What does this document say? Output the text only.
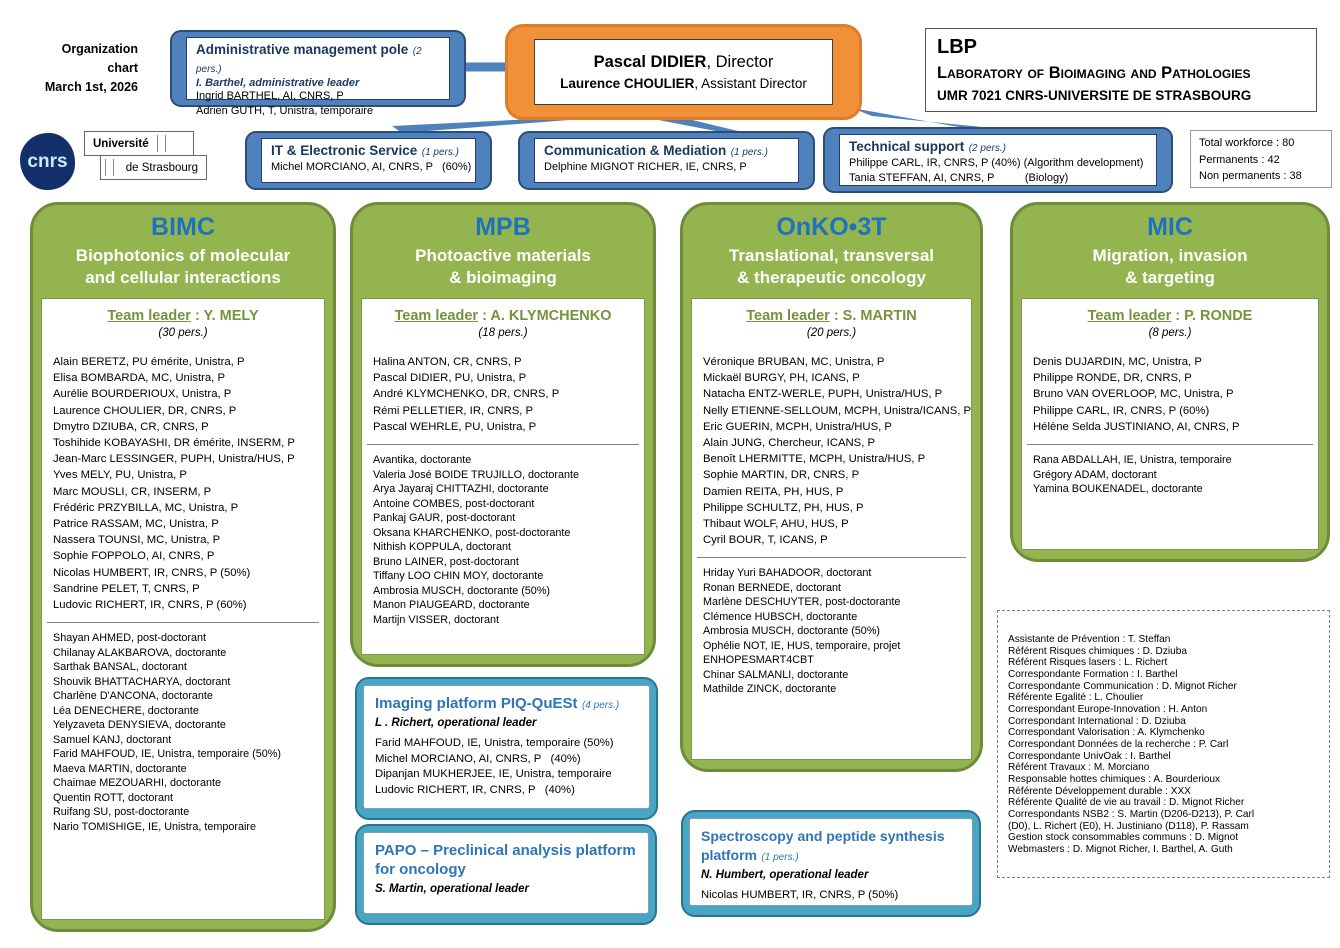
Organization
chart
March 1st, 2026
Administrative management pole (2 pers.)
I. Barthel, administrative leader
Ingrid BARTHEL, AI, CNRS, P
Adrien GUTH, T, Unistra, temporaire
Pascal DIDIER, Director
Laurence CHOULIER, Assistant Director
LBP
Laboratory of Bioimaging and Pathologies
UMR 7021 CNRS-UNIVERSITE DE STRASBOURG
cnrs
Université
de Strasbourg
IT & Electronic Service (1 pers.)
Michel MORCIANO, AI, CNRS, P   (60%)
Communication & Mediation (1 pers.)
Delphine MIGNOT RICHER, IE, CNRS, P
Technical support (2 pers.)
Philippe CARL, IR, CNRS, P (40%) (Algorithm development)
Tania STEFFAN, AI, CNRS, P          (Biology)
Total workforce : 80
Permanents : 42
Non permanents : 38
BIMC
Biophotonics of molecular
and cellular interactions
Team leader : Y. MELY
(30 pers.)
Alain BERETZ, PU émérite, Unistra, P
Elisa BOMBARDA, MC, Unistra, P
Aurélie BOURDERIOUX, Unistra, P
Laurence CHOULIER, DR, CNRS, P
Dmytro DZIUBA, CR, CNRS, P
Toshihide KOBAYASHI, DR émérite, INSERM, P
Jean-Marc LESSINGER, PUPH, Unistra/HUS, P
Yves MELY, PU, Unistra, P
Marc MOUSLI, CR, INSERM, P
Frédéric PRZYBILLA, MC, Unistra, P
Patrice RASSAM, MC, Unistra, P
Nassera TOUNSI, MC, Unistra, P
Sophie FOPPOLO, AI, CNRS, P
Nicolas HUMBERT, IR, CNRS, P (50%)
Sandrine PELET, T, CNRS, P
Ludovic RICHERT, IR, CNRS, P (60%)
Shayan AHMED, post-doctorant
Chilanay ALAKBAROVA, doctorante
Sarthak BANSAL, doctorant
Shouvik BHATTACHARYA, doctorant
Charlène D'ANCONA, doctorante
Léa DENECHERE, doctorante
Yelyzaveta DENYSIEVA, doctorante
Samuel KANJ, doctorant
Farid MAHFOUD, IE, Unistra, temporaire (50%)
Maeva MARTIN, doctorante
Chaimae MEZOUARHI, doctorante
Quentin ROTT, doctorant
Ruifang SU, post-doctorante
Nario TOMISHIGE, IE, Unistra, temporaire
MPB
Photoactive materials
& bioimaging
Team leader : A. KLYMCHENKO
(18 pers.)
Halina ANTON, CR, CNRS, P
Pascal DIDIER, PU, Unistra, P
André KLYMCHENKO, DR, CNRS, P
Rémi PELLETIER, IR, CNRS, P
Pascal WEHRLE, PU, Unistra, P
Avantika, doctorante
Valeria José BOIDE TRUJILLO, doctorante
Arya Jayaraj CHITTAZHI, doctorante
Antoine COMBES, post-doctorant
Pankaj GAUR, post-doctorant
Oksana KHARCHENKO, post-doctorante
Nithish KOPPULA, doctorant
Bruno LAINER, post-doctorant
Tiffany LOO CHIN MOY, doctorante
Ambrosia MUSCH, doctorante (50%)
Manon PIAUGEARD, doctorante
Martijn VISSER, doctorant
OnKO•3T
Translational, transversal
& therapeutic oncology
Team leader : S. MARTIN
(20 pers.)
Véronique BRUBAN, MC, Unistra, P
Mickaël BURGY, PH, ICANS, P
Natacha ENTZ-WERLE, PUPH, Unistra/HUS, P
Nelly ETIENNE-SELLOUM, MCPH, Unistra/ICANS, P
Eric GUERIN, MCPH, Unistra/HUS, P
Alain JUNG, Chercheur, ICANS, P
Benoît LHERMITTE, MCPH, Unistra/HUS, P
Sophie MARTIN, DR, CNRS, P
Damien REITA, PH, HUS, P
Philippe SCHULTZ, PH, HUS, P
Thibaut WOLF, AHU, HUS, P
Cyril BOUR, T, ICANS, P
Hriday Yuri BAHADOOR, doctorant
Ronan BERNEDE, doctorant
Marlène DESCHUYTER, post-doctorante
Clémence HUBSCH, doctorante
Ambrosia MUSCH, doctorante (50%)
Ophélie NOT, IE, HUS, temporaire, projet
ENHOPESMART4CBT
Chinar SALMANLI, doctorante
Mathilde ZINCK, doctorante
MIC
Migration, invasion
& targeting
Team leader : P. RONDE
(8 pers.)
Denis DUJARDIN, MC, Unistra, P
Philippe RONDE, DR, CNRS, P
Bruno VAN OVERLOOP, MC, Unistra, P
Philippe CARL, IR, CNRS, P (60%)
Hélène Selda JUSTINIANO, AI, CNRS, P
Rana ABDALLAH, IE, Unistra, temporaire
Grégory ADAM, doctorant
Yamina BOUKENADEL, doctorante
Imaging platform PIQ-QuESt (4 pers.)
L . Richert, operational leader
Farid MAHFOUD, IE, Unistra, temporaire (50%)
Michel MORCIANO, AI, CNRS, P   (40%)
Dipanjan MUKHERJEE, IE, Unistra, temporaire
Ludovic RICHERT, IR, CNRS, P   (40%)
PAPO – Preclinical analysis platform for oncology
S. Martin, operational leader
Spectroscopy and peptide synthesis platform (1 pers.)
N. Humbert, operational leader
Nicolas HUMBERT, IR, CNRS, P (50%)
Assistante de Prévention : T. Steffan
Référent Risques chimiques : D. Dziuba
Référent Risques lasers : L. Richert
Correspondante Formation : I. Barthel
Correspondante Communication : D. Mignot Richer
Référente Egalité : L. Choulier
Correspondant Europe-Innovation : H. Anton
Correspondant International : D. Dziuba
Correspondant Valorisation : A. Klymchenko
Correspondant Données de la recherche : P. Carl
Correspondante UnivOak : I. Barthel
Référent Travaux : M. Morciano
Responsable hottes chimiques : A. Bourderioux
Référente Développement durable : XXX
Référente Qualité de vie au travail : D. Mignot Richer
Correspondants NSB2 : S. Martin (D206-D213), P. Carl
(D0), L. Richert (E0), H. Justiniano (D118), P. Rassam
Gestion stock consommables communs : D. Mignot
Webmasters : D. Mignot Richer, I. Barthel, A. Guth
